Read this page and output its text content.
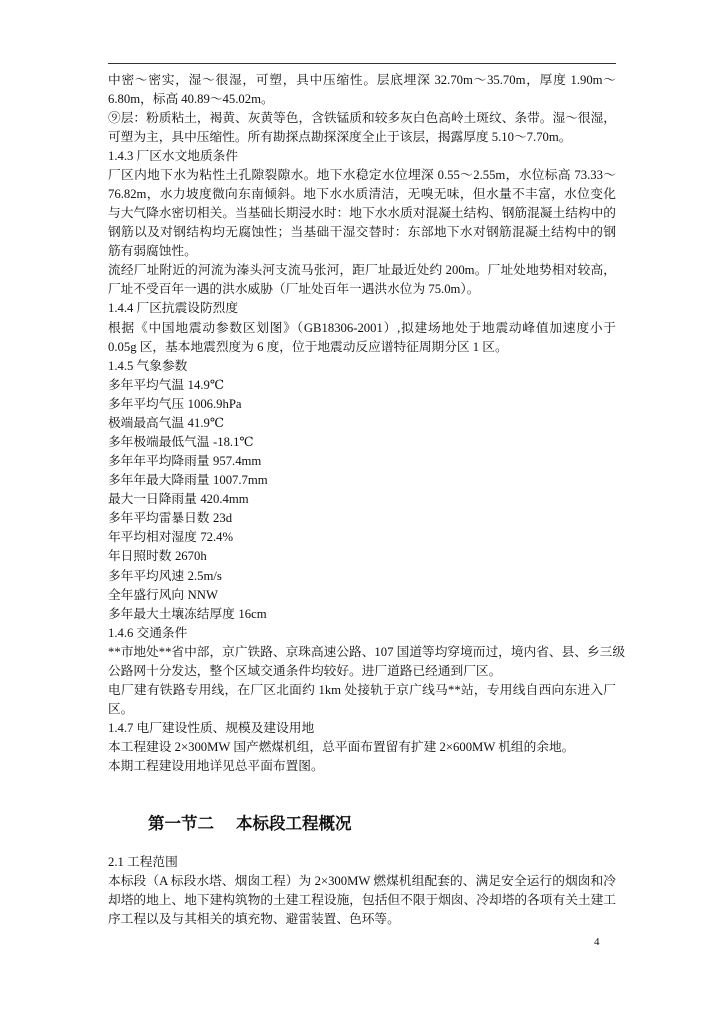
中密～密实，湿～很湿，可塑，具中压缩性。层底埋深 32.70m～35.70m，厚度 1.90m～
6.80m，标高 40.89～45.02m。
⑨层：粉质粘土，褐黄、灰黄等色，含铁锰质和较多灰白色高岭土斑纹、条带。湿～很湿，
可塑为主，具中压缩性。所有勘探点勘探深度全止于该层，揭露厚度 5.10～7.70m。
1.4.3 厂区水文地质条件
厂区内地下水为粘性土孔隙裂隙水。地下水稳定水位埋深 0.55～2.55m，水位标高 73.33～
76.82m，水力坡度微向东南倾斜。地下水水质清洁，无嗅无味，但水量不丰富，水位变化
与大气降水密切相关。当基础长期浸水时：地下水水质对混凝土结构、钢筋混凝土结构中的
钢筋以及对钢结构均无腐蚀性；当基础干湿交替时：东部地下水对钢筋混凝土结构中的钢
筋有弱腐蚀性。
流经厂址附近的河流为溱头河支流马张河，距厂址最近处约 200m。厂址处地势相对较高，
厂址不受百年一遇的洪水威胁（厂址处百年一遇洪水位为 75.0m）。
1.4.4 厂区抗震设防烈度
根据《中国地震动参数区划图》（GB18306-2001）,拟建场地处于地震动峰值加速度小于
0.05g 区，基本地震烈度为 6 度，位于地震动反应谱特征周期分区 1 区。
1.4.5 气象参数
多年平均气温 14.9℃
多年平均气压 1006.9hPa
极端最高气温 41.9℃
多年极端最低气温 -18.1℃
多年年平均降雨量 957.4mm
多年年最大降雨量 1007.7mm
最大一日降雨量 420.4mm
多年平均雷暴日数 23d
年平均相对湿度 72.4%
年日照时数 2670h
多年平均风速 2.5m/s
全年盛行风向 NNW
多年最大土壤冻结厚度 16cm
1.4.6 交通条件
**市地处**省中部，京广铁路、京珠高速公路、107 国道等均穿境而过，境内省、县、乡三级
公路网十分发达，整个区域交通条件均较好。进厂道路已经通到厂区。
电厂建有铁路专用线，在厂区北面约 1km 处接轨于京广线马**站，专用线自西向东进入厂
区。
1.4.7 电厂建设性质、规模及建设用地
本工程建设 2×300MW 国产燃煤机组，总平面布置留有扩建 2×600MW 机组的余地。
本期工程建设用地详见总平面布置图。
第一节二 本标段工程概况
2.1 工程范围
本标段（A 标段水塔、烟囱工程）为 2×300MW 燃煤机组配套的、满足安全运行的烟囱和冷
却塔的地上、地下建构筑物的土建工程设施，包括但不限于烟囱、冷却塔的各项有关土建工
序工程以及与其相关的填充物、避雷装置、色环等。
4
